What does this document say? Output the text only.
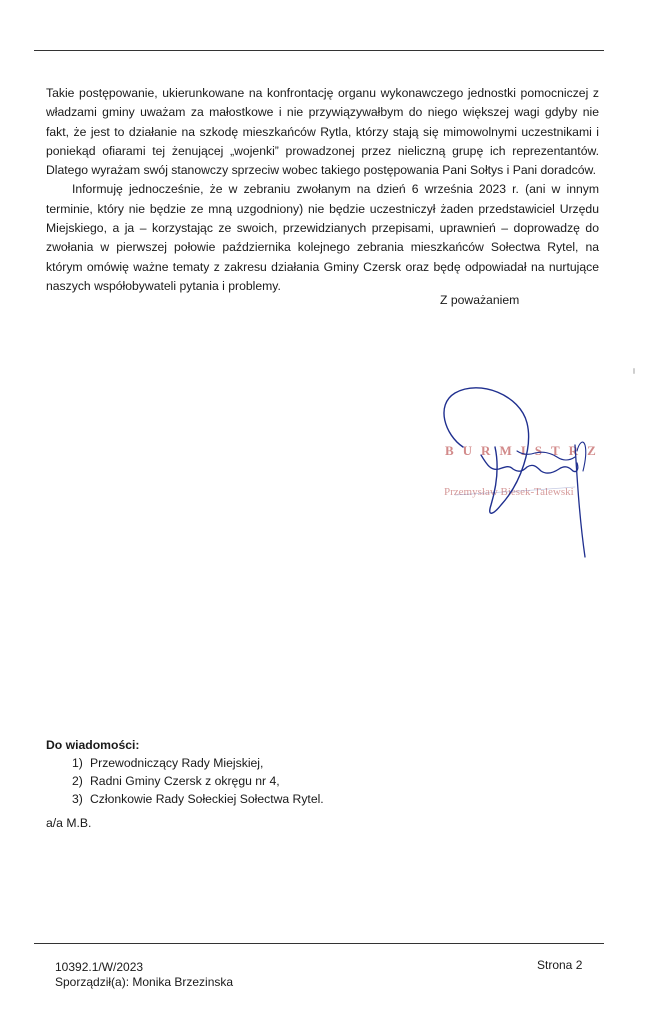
Takie postępowanie, ukierunkowane na konfrontację organu wykonawczego jednostki pomocniczej z władzami gminy uważam za małostkowe i nie przywiązywałbym do niego większej wagi gdyby nie fakt, że jest to działanie na szkodę mieszkańców Rytla, którzy stają się mimowolnymi uczestnikami i poniekąd ofiarami tej żenującej „wojenki” prowadzonej przez nieliczną grupę ich reprezentantów. Dlatego wyrażam swój stanowczy sprzeciw wobec takiego postępowania Pani Sołtys i Pani doradców.

Informuję jednocześnie, że w zebraniu zwołanym na dzień 6 września 2023 r. (ani w innym terminie, który nie będzie ze mną uzgodniony) nie będzie uczestniczył żaden przedstawiciel Urzędu Miejskiego, a ja – korzystając ze swoich, przewidzianych przepisami, uprawnień – doprowadzę do zwołania w pierwszej połowie października kolejnego zebrania mieszkańców Sołectwa Rytel, na którym omówię ważne tematy z zakresu działania Gminy Czersk oraz będę odpowiadał na nurtujące naszych współobywateli pytania i problemy.

Z poważaniem
BURMISTRZ
Przemysław Biesek-Talewski

Do wiadomości:

1) Przewodniczący Rady Miejskiej,
2) Radni Gminy Czersk z okręgu nr 4,
3) Członkowie Rady Sołeckiej Sołectwa Rytel.
a/a M.B.
10392.1/W/2023
Sporządził(a): Monika Brzezinska
Strona 2
